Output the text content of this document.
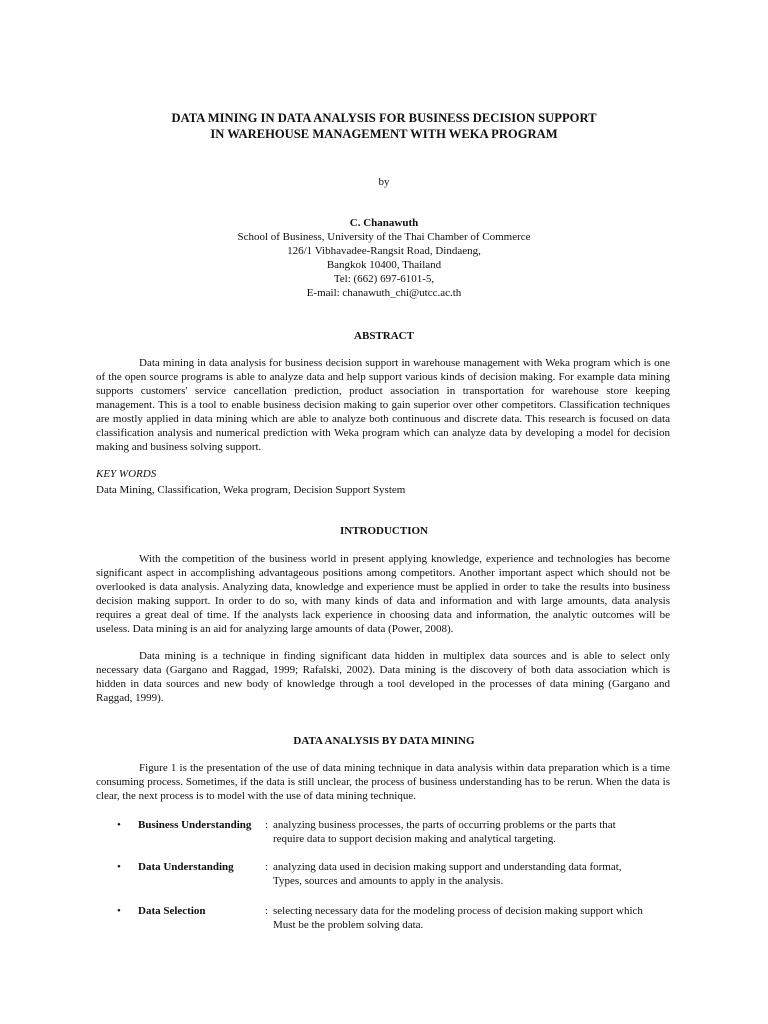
DATA MINING IN DATA ANALYSIS FOR BUSINESS DECISION SUPPORT
IN WAREHOUSE MANAGEMENT WITH WEKA PROGRAM
by
C. Chanawuth
School of Business, University of the Thai Chamber of Commerce
126/1 Vibhavadee-Rangsit Road, Dindaeng,
Bangkok 10400, Thailand
Tel: (662) 697-6101-5,
E-mail: chanawuth_chi@utcc.ac.th
ABSTRACT
Data mining in data analysis for business decision support in warehouse management with Weka program which is one of the open source programs is able to analyze data and help support various kinds of decision making. For example data mining supports customers' service cancellation prediction, product association in transportation for warehouse store keeping management. This is a tool to enable business decision making to gain superior over other competitors. Classification techniques are mostly applied in data mining which are able to analyze both continuous and discrete data. This research is focused on data classification analysis and numerical prediction with Weka program which can analyze data by developing a model for decision making and business solving support.
KEY WORDS
Data Mining, Classification, Weka program, Decision Support System
INTRODUCTION
With the competition of the business world in present applying knowledge, experience and technologies has become significant aspect in accomplishing advantageous positions among competitors. Another important aspect which should not be overlooked is data analysis. Analyzing data, knowledge and experience must be applied in order to take the results into business decision making support. In order to do so, with many kinds of data and information and with large amounts, data analysis requires a great deal of time. If the analysts lack experience in choosing data and information, the analytic outcomes will be useless. Data mining is an aid for analyzing large amounts of data (Power, 2008).
Data mining is a technique in finding significant data hidden in multiplex data sources and is able to select only necessary data (Gargano and Raggad, 1999; Rafalski, 2002). Data mining is the discovery of both data association which is hidden in data sources and new body of knowledge through a tool developed in the processes of data mining (Gargano and Raggad, 1999).
DATA ANALYSIS BY DATA MINING
Figure 1 is the presentation of the use of data mining technique in data analysis within data preparation which is a time consuming process. Sometimes, if the data is still unclear, the process of business understanding has to be rerun. When the data is clear, the next process is to model with the use of data mining technique.
• Business Understanding : analyzing business processes, the parts of occurring problems or the parts that
require data to support decision making and analytical targeting.
• Data Understanding	: analyzing data used in decision making support and understanding data format,
Types, sources and amounts to apply in the analysis.
• Data Selection	: selecting necessary data for the modeling process of decision making support which
Must be the problem solving data.
